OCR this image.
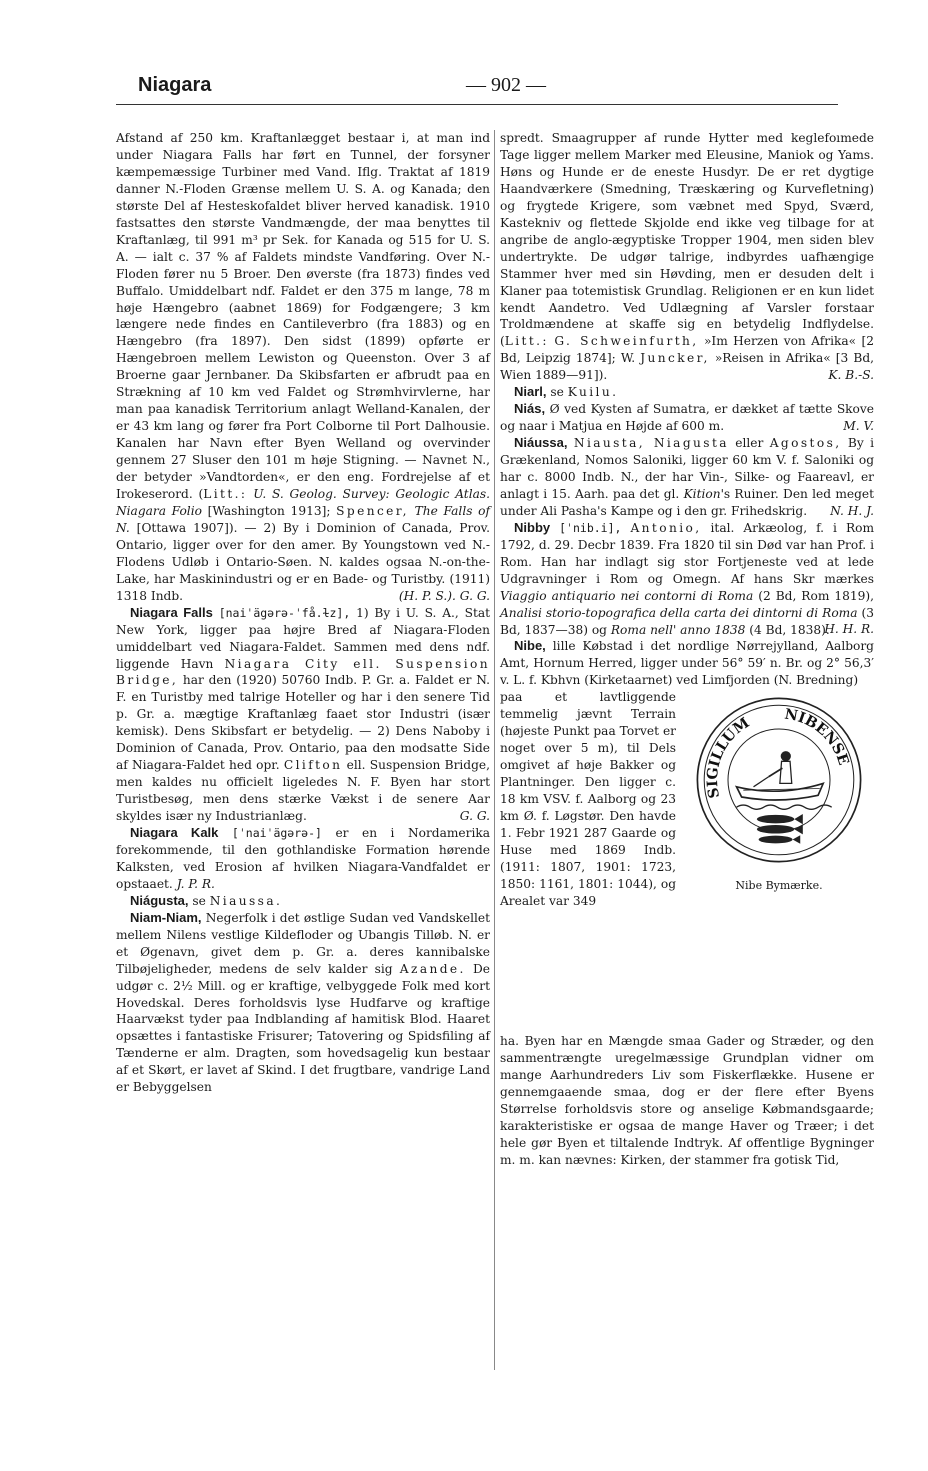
Niagara	— 902 —

Afstand af 250 km. Kraftanlægget bestaar i, at man ind under Niagara Falls har ført en Tunnel, der forsyner kæmpemæssige Turbiner med Vand. Iflg. Traktat af 1819 danner N.-Floden Grænse mellem U. S. A. og Kanada; den største Del af Hesteskofaldet bliver herved kanadisk. 1910 fastsattes den største Vandmængde, der maa benyttes til Kraftanlæg, til 991 m³ pr Sek. for Kanada og 515 for U. S. A. — ialt c. 37 % af Faldets mindste Vandføring. Over N.-Floden fører nu 5 Broer. Den øverste (fra 1873) findes ved Buffalo. Umiddelbart ndf. Faldet er den 375 m lange, 78 m høje Hængebro (aabnet 1869) for Fodgængere; 3 km længere nede findes en Cantileverbro (fra 1883) og en Hængebro (fra 1897). Den sidst (1899) opførte er Hængebroen mellem Lewiston og Queenston. Over 3 af Broerne gaar Jernbaner. Da Skibsfarten er afbrudt paa en Strækning af 10 km ved Faldet og Strømhvirvlerne, har man paa kanadisk Territorium anlagt Welland-Kanalen, der er 43 km lang og fører fra Port Colborne til Port Dalhousie. Kanalen har Navn efter Byen Welland og overvinder gennem 27 Sluser den 101 m høje Stigning. — Navnet N., der betyder »Vandtorden«, er den eng. Fordrejelse af et Irokeserord. (Litt.: U. S. Geolog. Survey: Geologic Atlas. Niagara Folio [Washington 1913]; Spencer, The Falls of N. [Ottawa 1907]). — 2) By i Dominion of Canada, Prov. Ontario, ligger over for den amer. By Youngstown ved N.-Flodens Udløb i Ontario-Søen. N. kaldes ogsaa N.-on-the-Lake, har Maskinindustri og er en Bade- og Turistby. (1911) 1318 Indb.	(H. P. S.). G. G.

Niagara Falls [naiˈägərə-ˈfå.ɫz], 1) By i U. S. A., Stat New York, ligger paa højre Bred af Niagara-Floden umiddelbart ved Niagara-Faldet. Sammen med dens ndf. liggende Havn Niagara City ell. Suspension Bridge, har den (1920) 50760 Indb. P. Gr. a. Faldet er N. F. en Turistby med talrige Hoteller og har i den senere Tid p. Gr. a. mægtige Kraftanlæg faaet stor Industri (især kemisk). Dens Skibsfart er betydelig. — 2) Dens Naboby i Dominion of Canada, Prov. Ontario, paa den modsatte Side af Niagara-Faldet hed opr. Clifton ell. Suspension Bridge, men kaldes nu officielt ligeledes N. F. Byen har stort Turistbesøg, men dens stærke Vækst i de senere Aar skyldes især ny Industrianlæg.	G. G.

Niagara Kalk [ˈnaiˈägərə-] er en i Nordamerika forekommende, til den gothlandiske Formation hørende Kalksten, ved Erosion af hvilken Niagara-Vandfaldet er opstaaet. J. P. R.

Niágusta, se Niaussa.

Niam-Niam, Negerfolk i det østlige Sudan ved Vandskellet mellem Nilens vestlige Kildefloder og Ubangis Tilløb. N. er et Øgenavn, givet dem p. Gr. a. deres kannibalske Tilbøjeligheder, medens de selv kalder sig Azande. De udgør c. 2½ Mill. og er kraftige, velbyggede Folk med kort Hovedskal. Deres forholdsvis lyse Hudfarve og kraftige Haarvækst tyder paa Indblanding af hamitisk Blod. Haaret opsættes i fantastiske Frisurer; Tatovering og Spidsfiling af Tænderne er alm. Dragten, som hovedsagelig kun bestaar af et Skørt, er lavet af Skind. I det frugtbare, vandrige Land er Bebyggelsen

spredt. Smaagrupper af runde Hytter med keglefoımede Tage ligger mellem Marker med Eleusine, Maniok og Yams. Høns og Hunde er de eneste Husdyr. De er ret dygtige Haandværkere (Smedning, Træskæring og Kurvefletning) og frygtede Krigere, som væbnet med Spyd, Sværd, Kastekniv og flettede Skjolde end ikke veg tilbage for at angribe de anglo-ægyptiske Tropper 1904, men siden blev undertrykte. De udgør talrige, indbyrdes uafhængige Stammer hver med sin Høvding, men er desuden delt i Klaner paa totemistisk Grundlag. Religionen er en kun lidet kendt Aandetro. Ved Udlægning af Varsler forstaar Troldmændene at skaffe sig en betydelig Indflydelse. (Litt.: G. Schweinfurth, »Im Herzen von Afrika« [2 Bd, Leipzig 1874]; W. Juncker, »Reisen in Afrika« [3 Bd, Wien 1889—91]).	K. B.-S.

Niarl, se Kuilu.

Niás, Ø ved Kysten af Sumatra, er dækket af tætte Skove og naar i Matjua en Højde af 600 m.	M. V.

Niáussa, Niausta, Niagusta eller Agostos, By i Grækenland, Nomos Saloniki, ligger 60 km V. f. Saloniki og har c. 8000 Indb. N., der har Vin-, Silke- og Faareavl, er anlagt i 15. Aarh. paa det gl. Kition's Ruiner. Den led meget under Ali Pasha's Kampe og i den gr. Frihedskrig.	N. H. J.

Nibby [ˈnib.i], Antonio, ital. Arkæolog, f. i Rom 1792, d. 29. Decbr 1839. Fra 1820 til sin Død var han Prof. i Rom. Han har indlagt sig stor Fortjeneste ved at lede Udgravninger i Rom og Omegn. Af hans Skr mærkes Viaggio antiquario nei contorni di Roma (2 Bd, Rom 1819), Analisi storio-topografica della carta dei dintorni di Roma (3 Bd, 1837—38) og Roma nell' anno 1838 (4 Bd, 1838).
H. H. R.

Nibe, lille Købstad i det nordlige Nørrejylland, Aalborg Amt, Hornum Herred, ligger under 56° 59′ n. Br. og 2° 56,3′ v. L. f. Kbhvn (Kirketaarnet) ved Limfjorden (N. Bredning)

SIGILLUM NIBENSE
Nibe Bymærke.

paa et lavtliggende temmelig jævnt Terrain (højeste Punkt paa Torvet er noget over 5 m), til Dels omgivet af høje Bakker og Plantninger. Den ligger c. 18 km VSV. f. Aalborg og 23 km Ø. f. Løgstør. Den havde 1. Febr 1921 287 Gaarde og Huse med 1869 Indb. (1911: 1807, 1901: 1723, 1850: 1161, 1801: 1044), og Arealet var 349

ha. Byen har en Mængde smaa Gader og Stræder, og den sammentrængte uregelmæssige Grundplan vidner om mange Aarhundreders Liv som Fiskerflække. Husene er gennemgaaende smaa, dog er der flere efter Byens Størrelse forholdsvis store og anselige Købmandsgaarde; karakteristiske er ogsaa de mange Haver og Træer; i det hele gør Byen et tiltalende Indtryk. Af offentlige Bygninger m. m. kan nævnes: Kirken, der stammer fra gotisk Tid,
